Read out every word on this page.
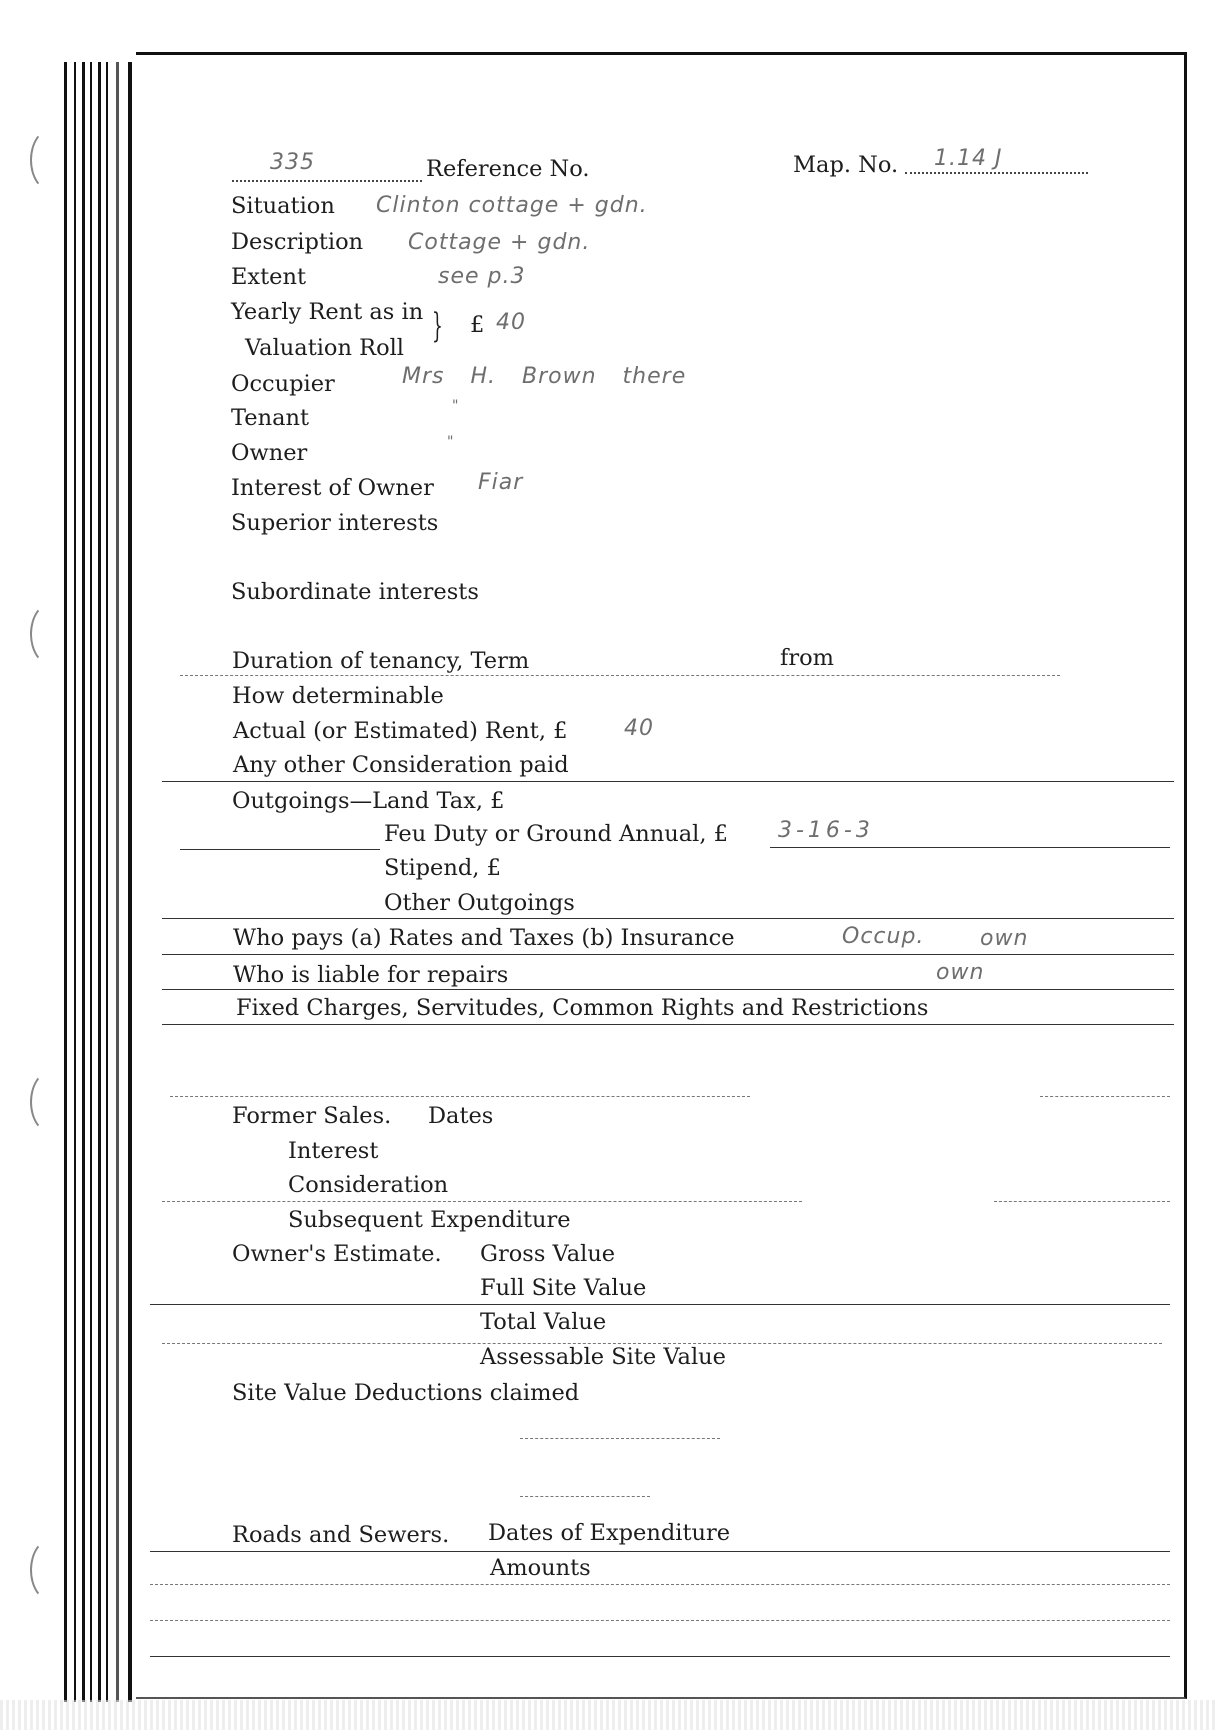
335	Reference No.	Map. No. 1.14 J
Situation Clinton cottage + gdn.
Description Cottage + gdn.
Extent	see p.3
Yearly Rent as in
Valuation Roll
} £ 40
Occupier	Mrs H. Brown there
Tenant	"
Owner	"
Interest of Owner Fiar
Superior interests
Subordinate interests
Duration of tenancy, Term	from
How determinable
Actual (or Estimated) Rent, £	40
Any other Consideration paid
Outgoings—Land Tax, £
Feu Duty or Ground Annual, £ 3-16-3
Stipend, £
Other Outgoings
Who pays (a) Rates and Taxes (b) Insurance	Occup.	own
Who is liable for repairs	own
Fixed Charges, Servitudes, Common Rights and Restrictions
Former Sales. Dates
Interest
Consideration
Subsequent Expenditure
Owner's Estimate. Gross Value
Full Site Value
Total Value
Assessable Site Value
Site Value Deductions claimed
Roads and Sewers. Dates of Expenditure
Amounts
